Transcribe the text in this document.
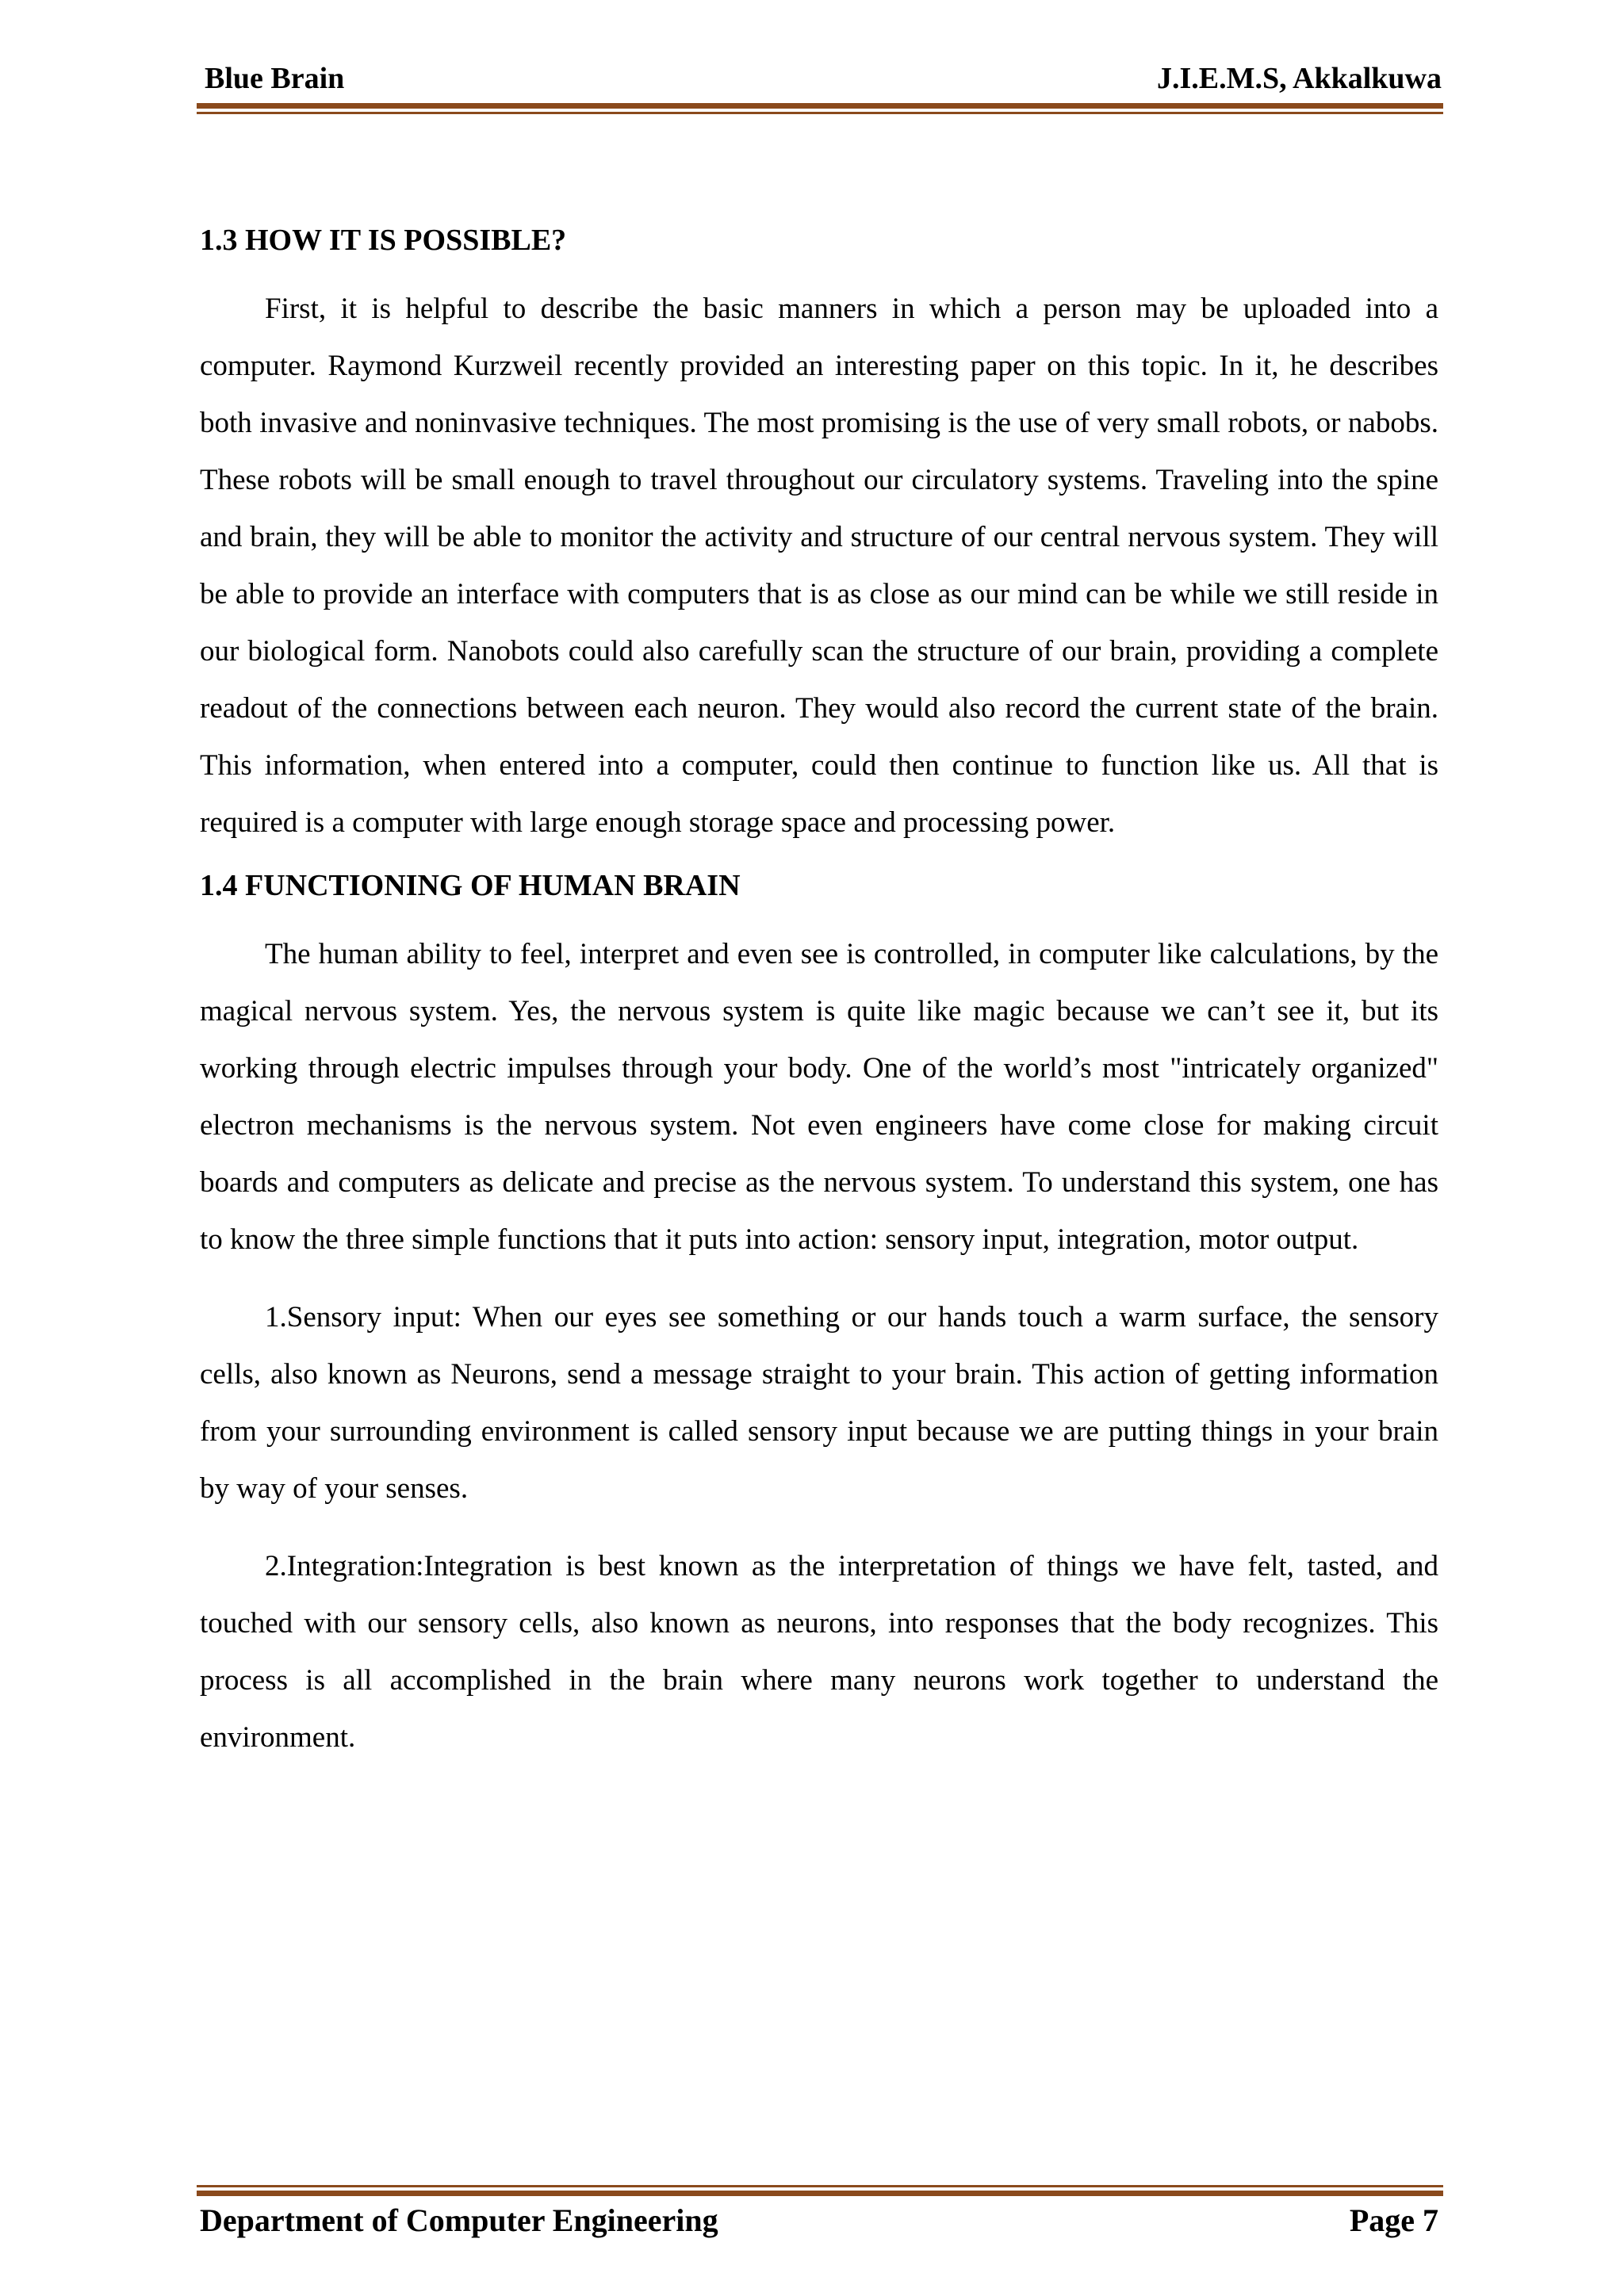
Blue Brain	J.I.E.M.S, Akkalkuwa
1.3 HOW IT IS POSSIBLE?

First, it is helpful to describe the basic manners in which a person may be uploaded into a computer. Raymond Kurzweil recently provided an interesting paper on this topic. In it, he describes both invasive and noninvasive techniques. The most promising is the use of very small robots, or nabobs. These robots will be small enough to travel throughout our circulatory systems. Traveling into the spine and brain, they will be able to monitor the activity and structure of our central nervous system. They will be able to provide an interface with computers that is as close as our mind can be while we still reside in our biological form. Nanobots could also carefully scan the structure of our brain, providing a complete readout of the connections between each neuron. They would also record the current state of the brain. This information, when entered into a computer, could then continue to function like us. All that is required is a computer with large enough storage space and processing power.

1.4 FUNCTIONING OF HUMAN BRAIN

The human ability to feel, interpret and even see is controlled, in computer like calculations, by the magical nervous system. Yes, the nervous system is quite like magic because we can’t see it, but its working through electric impulses through your body. One of the world’s most "intricately organized" electron mechanisms is the nervous system. Not even engineers have come close for making circuit boards and computers as delicate and precise as the nervous system. To understand this system, one has to know the three simple functions that it puts into action: sensory input, integration, motor output.

1.Sensory input: When our eyes see something or our hands touch a warm surface, the sensory cells, also known as Neurons, send a message straight to your brain. This action of getting information from your surrounding environment is called sensory input because we are putting things in your brain by way of your senses.

2.Integration:Integration is best known as the interpretation of things we have felt, tasted, and touched with our sensory cells, also known as neurons, into responses that the body recognizes. This process is all accomplished in the brain where many neurons work together to understand the environment.

Department of Computer Engineering	Page 7
